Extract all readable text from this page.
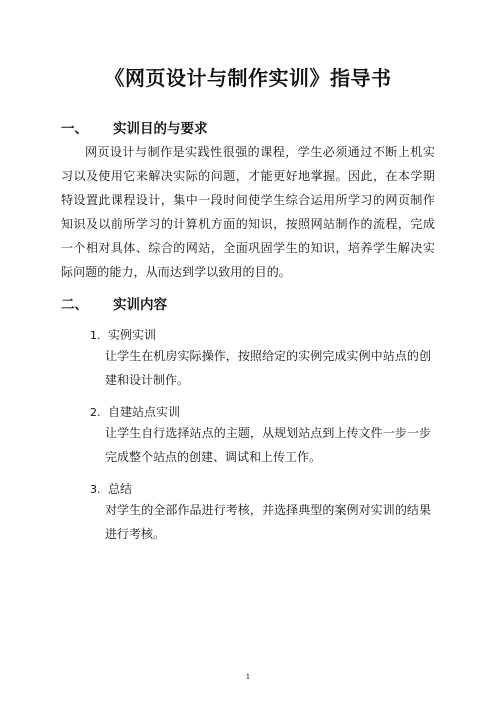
《网页设计与制作实训》指导书
一、 实训目的与要求

网页设计与制作是实践性很强的课程，学生必须通过不断上机实习以及使用它来解决实际的问题，才能更好地掌握。因此，在本学期特设置此课程设计，集中一段时间使学生综合运用所学习的网页制作知识及以前所学习的计算机方面的知识，按照网站制作的流程，完成一个相对具体、综合的网站，全面巩固学生的知识，培养学生解决实际问题的能力，从而达到学以致用的目的。

二、 实训内容

1. 实例实训

让学生在机房实际操作，按照给定的实例完成实例中站点的创建和设计制作。

2. 自建站点实训

让学生自行选择站点的主题，从规划站点到上传文件一步一步完成整个站点的创建、调试和上传工作。

3. 总结

对学生的全部作品进行考核，并选择典型的案例对实训的结果进行考核。

1
